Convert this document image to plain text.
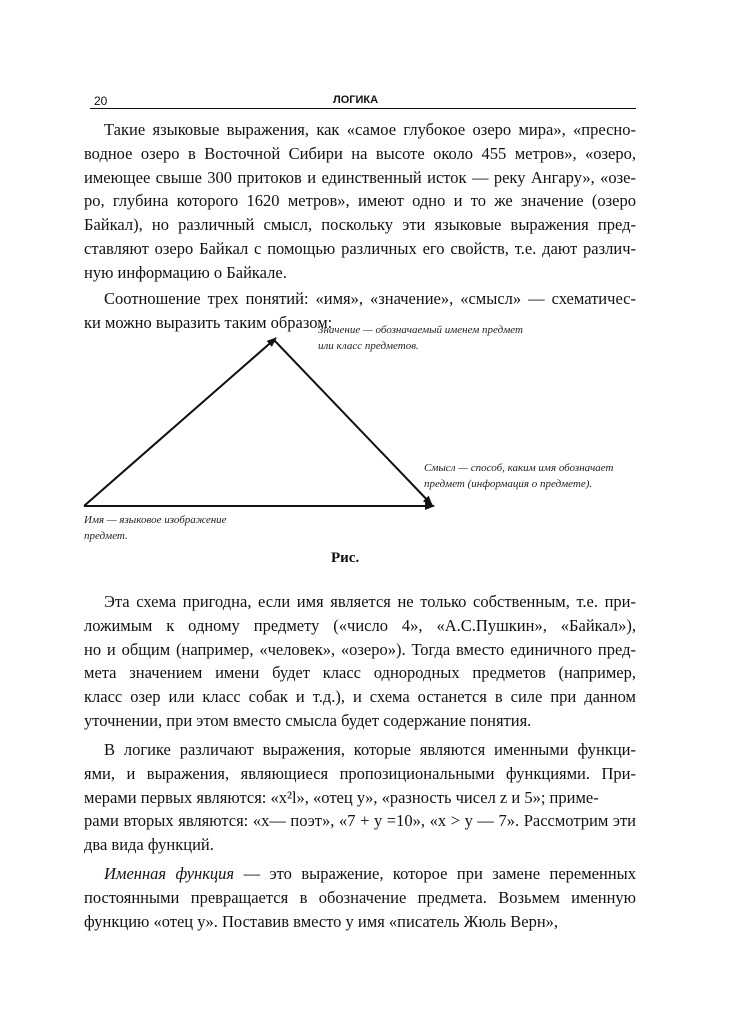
20	ЛОГИКА
Такие языковые выражения, как «самое глубокое озеро мира», «пресно-
водное озеро в Восточной Сибири на высоте около 455 метров», «озеро,
имеющее свыше 300 притоков и единственный исток — реку Ангару», «озе-
ро, глубина которого 1620 метров», имеют одно и то же значение (озеро
Байкал), но различный смысл, поскольку эти языковые выражения пред-
ставляют озеро Байкал с помощью различных его свойств, т.е. дают различ-
ную информацию о Байкале.
Соотношение трех понятий: «имя», «значение», «смысл» — схематичес-
ки можно выразить таким образом:
Значение — обозначаемый именем предмет
или класс предметов.
Смысл — способ, каким имя обозначает
предмет (информация о предмете).
Имя — языковое изображение
предмет.
Рис.
Эта схема пригодна, если имя является не только собственным, т.е. при-
ложимым к одному предмету («число 4», «А.С.Пушкин», «Байкал»),
но и общим (например, «человек», «озеро»). Тогда вместо единичного пред-
мета значением имени будет класс однородных предметов (например,
класс озер или класс собак и т.д.), и схема останется в силе при данном
уточнении, при этом вместо смысла будет содержание понятия.
В логике различают выражения, которые являются именными функци-
ями, и выражения, являющиеся пропозициональными функциями. При-
мерами первых являются: «x²l», «отец y», «разность чисел z и 5»; приме-
рами вторых являются: «x— поэт», «7 + y =10», «x > y — 7». Рассмотрим эти
два вида функций.
Именная функция — это выражение, которое при замене переменных
постоянными превращается в обозначение предмета. Возьмем именную
функцию «отец y». Поставив вместо y имя «писатель Жюль Верн»,
